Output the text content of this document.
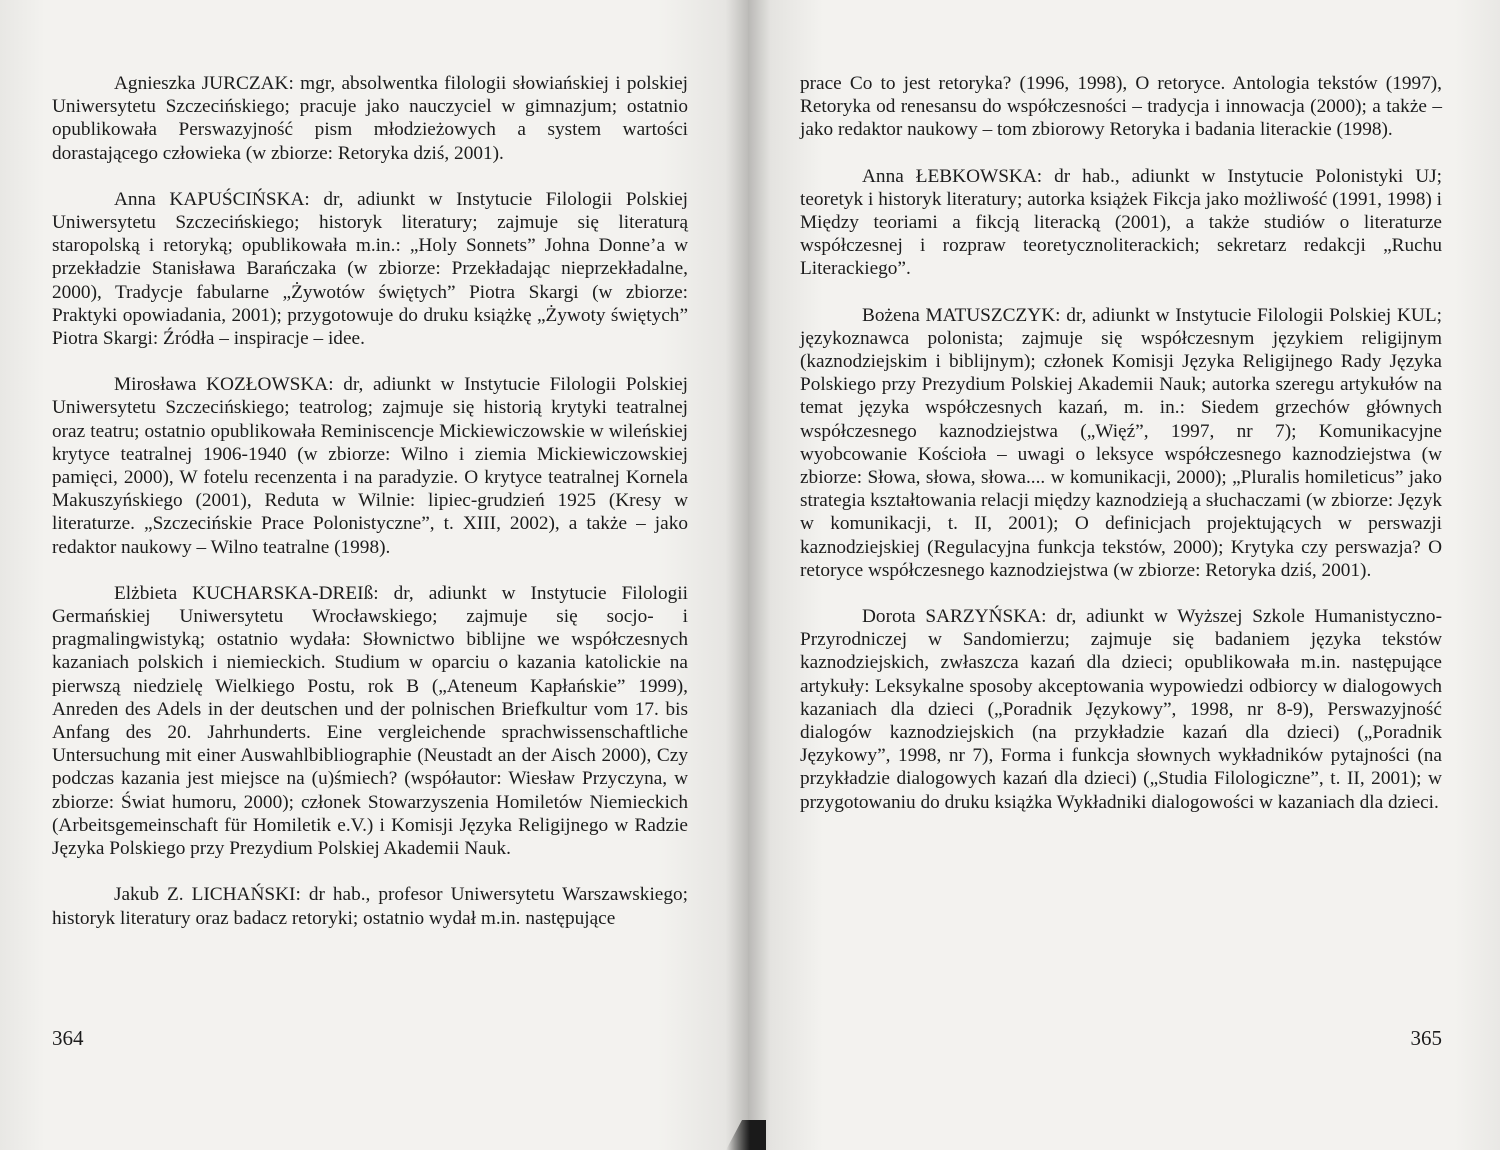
Agnieszka JURCZAK: mgr, absolwentka filologii słowiańskiej i polskiej Uniwersytetu Szczecińskiego; pracuje jako nauczyciel w gimnazjum; ostatnio opublikowała Perswazyjność pism młodzieżowych a system wartości dorastającego człowieka (w zbiorze: Retoryka dziś, 2001).

Anna KAPUŚCIŃSKA: dr, adiunkt w Instytucie Filologii Polskiej Uniwersytetu Szczecińskiego; historyk literatury; zajmuje się literaturą staropolską i retoryką; opublikowała m.in.: „Holy Sonnets” Johna Donne’a w przekładzie Stanisława Barańczaka (w zbiorze: Przekładając nieprzekładalne, 2000), Tradycje fabularne „Żywotów świętych” Piotra Skargi (w zbiorze: Praktyki opowiadania, 2001); przygotowuje do druku książkę „Żywoty świętych” Piotra Skargi: Źródła – inspiracje – idee.

Mirosława KOZŁOWSKA: dr, adiunkt w Instytucie Filologii Polskiej Uniwersytetu Szczecińskiego; teatrolog; zajmuje się historią krytyki teatralnej oraz teatru; ostatnio opublikowała Reminiscencje Mickiewiczowskie w wileńskiej krytyce teatralnej 1906-1940 (w zbiorze: Wilno i ziemia Mickiewiczowskiej pamięci, 2000), W fotelu recenzenta i na paradyzie. O krytyce teatralnej Kornela Makuszyńskiego (2001), Reduta w Wilnie: lipiec-grudzień 1925 (Kresy w literaturze. „Szczecińskie Prace Polonistyczne”, t. XIII, 2002), a także – jako redaktor naukowy – Wilno teatralne (1998).

Elżbieta KUCHARSKA-DREIß: dr, adiunkt w Instytucie Filologii Germańskiej Uniwersytetu Wrocławskiego; zajmuje się socjo- i pragmalingwistyką; ostatnio wydała: Słownictwo biblijne we współczesnych kazaniach polskich i niemieckich. Studium w oparciu o kazania katolickie na pierwszą niedzielę Wielkiego Postu, rok B („Ateneum Kapłańskie” 1999), Anreden des Adels in der deutschen und der polnischen Briefkultur vom 17. bis Anfang des 20. Jahrhunderts. Eine vergleichende sprachwissenschaftliche Untersuchung mit einer Auswahlbibliographie (Neustadt an der Aisch 2000), Czy podczas kazania jest miejsce na (u)śmiech? (współautor: Wiesław Przyczyna, w zbiorze: Świat humoru, 2000); członek Stowarzyszenia Homiletów Niemieckich (Arbeitsgemeinschaft für Homiletik e.V.) i Komisji Języka Religijnego w Radzie Języka Polskiego przy Prezydium Polskiej Akademii Nauk.

Jakub Z. LICHAŃSKI: dr hab., profesor Uniwersytetu Warszawskiego; historyk literatury oraz badacz retoryki; ostatnio wydał m.in. następujące

364

prace Co to jest retoryka? (1996, 1998), O retoryce. Antologia tekstów (1997), Retoryka od renesansu do współczesności – tradycja i innowacja (2000); a także – jako redaktor naukowy – tom zbiorowy Retoryka i badania literackie (1998).

Anna ŁEBKOWSKA: dr hab., adiunkt w Instytucie Polonistyki UJ; teoretyk i historyk literatury; autorka książek Fikcja jako możliwość (1991, 1998) i Między teoriami a fikcją literacką (2001), a także studiów o literaturze współczesnej i rozpraw teoretycznoliterackich; sekretarz redakcji „Ruchu Literackiego”.

Bożena MATUSZCZYK: dr, adiunkt w Instytucie Filologii Polskiej KUL; językoznawca polonista; zajmuje się współczesnym językiem religijnym (kaznodziejskim i biblijnym); członek Komisji Języka Religijnego Rady Języka Polskiego przy Prezydium Polskiej Akademii Nauk; autorka szeregu artykułów na temat języka współczesnych kazań, m. in.: Siedem grzechów głównych współczesnego kaznodziejstwa („Więź”, 1997, nr 7); Komunikacyjne wyobcowanie Kościoła – uwagi o leksyce współczesnego kaznodziejstwa (w zbiorze: Słowa, słowa, słowa.... w komunikacji, 2000); „Pluralis homileticus” jako strategia kształtowania relacji między kaznodzieją a słuchaczami (w zbiorze: Język w komunikacji, t. II, 2001); O definicjach projektujących w perswazji kaznodziejskiej (Regulacyjna funkcja tekstów, 2000); Krytyka czy perswazja? O retoryce współczesnego kaznodziejstwa (w zbiorze: Retoryka dziś, 2001).

Dorota SARZYŃSKA: dr, adiunkt w Wyższej Szkole Humanistyczno-Przyrodniczej w Sandomierzu; zajmuje się badaniem języka tekstów kaznodziejskich, zwłaszcza kazań dla dzieci; opublikowała m.in. następujące artykuły: Leksykalne sposoby akceptowania wypowiedzi odbiorcy w dialogowych kazaniach dla dzieci („Poradnik Językowy”, 1998, nr 8-9), Perswazyjność dialogów kaznodziejskich (na przykładzie kazań dla dzieci) („Poradnik Językowy”, 1998, nr 7), Forma i funkcja słownych wykładników pytajności (na przykładzie dialogowych kazań dla dzieci) („Studia Filologiczne”, t. II, 2001); w przygotowaniu do druku książka Wykładniki dialogowości w kazaniach dla dzieci.

365
